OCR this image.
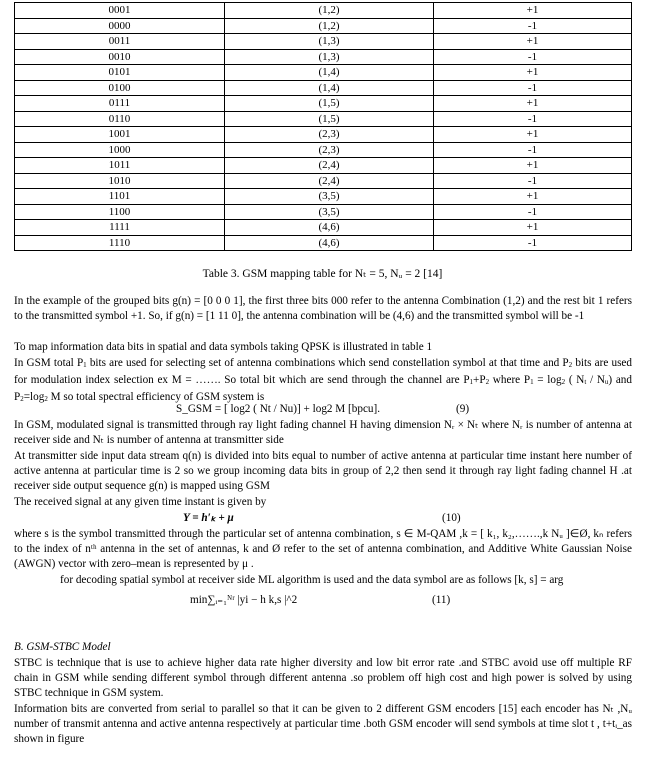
0001	(1,2)	+1
0000	(1,2)	-1
0011	(1,3)	+1
0010	(1,3)	-1
0101	(1,4)	+1
0100	(1,4)	-1
0111	(1,5)	+1
0110	(1,5)	-1
1001	(2,3)	+1
1000	(2,3)	-1
1011	(2,4)	+1
1010	(2,4)	-1
1101	(3,5)	+1
1100	(3,5)	-1
1111	(4,6)	+1
1110	(4,6)	-1
Table 3. GSM mapping table for Nₜ = 5, Nᵤ = 2 [14]
In the example of the grouped bits g(n) = [0 0 0 1], the first three bits 000 refer to the antenna Combination (1,2) and the rest bit 1 refers to the transmitted symbol +1. So, if g(n) = [1 11 0], the antenna combination will be (4,6) and the transmitted symbol will be -1
To map information data bits in spatial and data symbols taking QPSK is illustrated in table 1
In GSM total $P_1$ bits are used for selecting set of antenna combinations which send constellation symbol at that time and $P_2$ bits are used for modulation index selection ex M = ……. So total bit which are send through the channel are $P_1+P_2$ where $P_1 = \log_2$ ( $N_t / N_u$) and $P_2=\log_2$ M so total spectral efficiency of GSM system is
S_GSM = [ log2 ( Nt / Nu)] + log2 M [bpcu].	(9)
In GSM, modulated signal is transmitted through ray light fading channel H having dimension Nᵣ × Nₜ where Nᵣ is number of antenna at receiver side and Nₜ is number of antenna at transmitter side
At transmitter side input data stream q(n) is divided into bits equal to number of active antenna at particular time instant here number of active antenna at particular time is 2 so we group incoming data bits in group of 2,2 then send it through ray light fading channel H .at receiver side output sequence g(n) is mapped using GSM
The received signal at any given time instant is given by
Y = h′ₖ + μ	(10)
where s is the symbol transmitted through the particular set of antenna combination, s ∈ M-QAM ,k = [ k₁, k₂,…….,k Nᵤ ]∈Ø, kₙ refers to the index of nᵗʰ antenna in the set of antennas, k and Ø refer to the set of antenna combination, and Additive White Gaussian Noise (AWGN) vector with zero–mean is represented by μ .
for decoding spatial symbol at receiver side ML algorithm is used and the data symbol are as follows [k, s] = arg
min∑ᵢ₌₁ᴺʳ |yi − h k,s |^2	(11)
B. GSM-STBC Model
STBC is technique that is use to achieve higher data rate higher diversity and low bit error rate .and STBC avoid use off multiple RF chain in GSM while sending different symbol through different antenna .so problem off high cost and high power is solved by using STBC technique in GSM system.
Information bits are converted from serial to parallel so that it can be given to 2 different GSM encoders [15] each encoder has Nₜ ,Nᵤ number of transmit antenna and active antenna respectively at particular time .both GSM encoder will send symbols at time slot t , t+tᵢ_as shown in figure
